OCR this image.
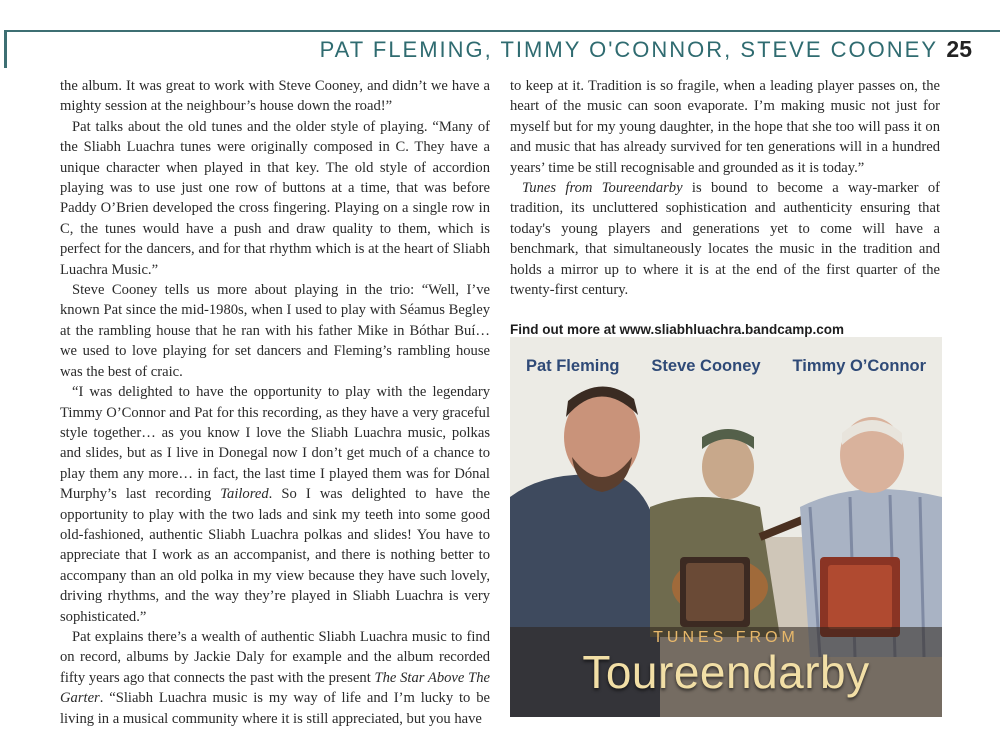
PAT FLEMING, TIMMY O'CONNOR, STEVE COONEY 25

the album. It was great to work with Steve Cooney, and didn’t we have a mighty session at the neighbour’s house down the road!”

Pat talks about the old tunes and the older style of playing. “Many of the Sliabh Luachra tunes were originally composed in C. They have a unique character when played in that key. The old style of accordion playing was to use just one row of buttons at a time, that was before Paddy O’Brien developed the cross fingering. Playing on a single row in C, the tunes would have a push and draw quality to them, which is perfect for the dancers, and for that rhythm which is at the heart of Sliabh Luachra Music.”

Steve Cooney tells us more about playing in the trio: “Well, I’ve known Pat since the mid-1980s, when I used to play with Séamus Begley at the rambling house that he ran with his father Mike in Bóthar Buí… we used to love playing for set dancers and Fleming’s rambling house was the best of craic.

“I was delighted to have the opportunity to play with the legendary Timmy O’Connor and Pat for this recording, as they have a very graceful style together… as you know I love the Sliabh Luachra music, polkas and slides, but as I live in Donegal now I don’t get much of a chance to play them any more… in fact, the last time I played them was for Dónal Murphy’s last recording Tailored. So I was delighted to have the opportunity to play with the two lads and sink my teeth into some good old-fashioned, authentic Sliabh Luachra polkas and slides! You have to appreciate that I work as an accompanist, and there is nothing better to accompany than an old polka in my view because they have such lovely, driving rhythms, and the way they’re played in Sliabh Luachra is very sophisticated.”

Pat explains there’s a wealth of authentic Sliabh Luachra music to find on record, albums by Jackie Daly for example and the album recorded fifty years ago that connects the past with the present The Star Above The Garter. “Sliabh Luachra music is my way of life and I’m lucky to be living in a musical community where it is still appreciated, but you have

to keep at it. Tradition is so fragile, when a leading player passes on, the heart of the music can soon evaporate. I’m making music not just for myself but for my young daughter, in the hope that she too will pass it on and music that has already survived for ten generations will in a hundred years’ time be still recognisable and grounded as it is today.”

Tunes from Toureendarby is bound to become a way-marker of tradition, its uncluttered sophistication and authenticity ensuring that today's young players and generations yet to come will have a benchmark, that simultaneously locates the music in the tradition and holds a mirror up to where it is at the end of the first quarter of the twenty-first century.

Find out more at www.sliabhluachra.bandcamp.com

Pat Fleming Steve Cooney Timmy O’Connor
TUNES FROM
Toureendarby
